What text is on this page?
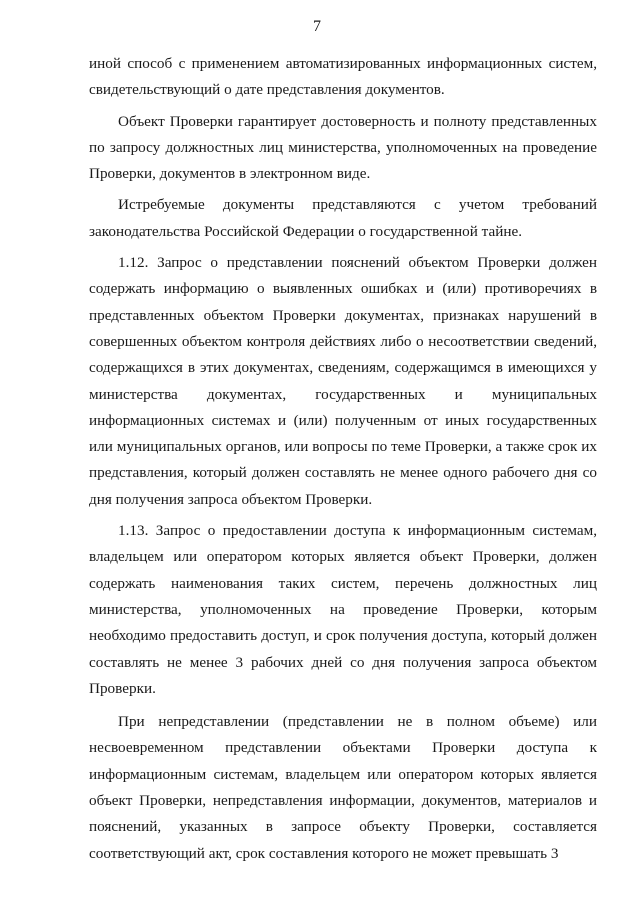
7

иной способ с применением автоматизированных информационных систем, свидетельствующий о дате представления документов.

Объект Проверки гарантирует достоверность и полноту представленных по запросу должностных лиц министерства, уполномоченных на проведение Проверки, документов в электронном виде.

Истребуемые документы представляются с учетом требований законодательства Российской Федерации о государственной тайне.

1.12. Запрос о представлении пояснений объектом Проверки должен содержать информацию о выявленных ошибках и (или) противоречиях в представленных объектом Проверки документах, признаках нарушений в совершенных объектом контроля действиях либо о несоответствии сведений, содержащихся в этих документах, сведениям, содержащимся в имеющихся у министерства документах, государственных и муниципальных информационных системах и (или) полученным от иных государственных или муниципальных органов, или вопросы по теме Проверки, а также срок их представления, который должен составлять не менее одного рабочего дня со дня получения запроса объектом Проверки.

1.13. Запрос о предоставлении доступа к информационным системам, владельцем или оператором которых является объект Проверки, должен содержать наименования таких систем, перечень должностных лиц министерства, уполномоченных на проведение Проверки, которым необходимо предоставить доступ, и срок получения доступа, который должен составлять не менее 3 рабочих дней со дня получения запроса объектом Проверки.

При непредставлении (представлении не в полном объеме) или несвоевременном представлении объектами Проверки доступа к информационным системам, владельцем или оператором которых является объект Проверки, непредставления информации, документов, материалов и пояснений, указанных в запросе объекту Проверки, составляется соответствующий акт, срок составления которого не может превышать 3
